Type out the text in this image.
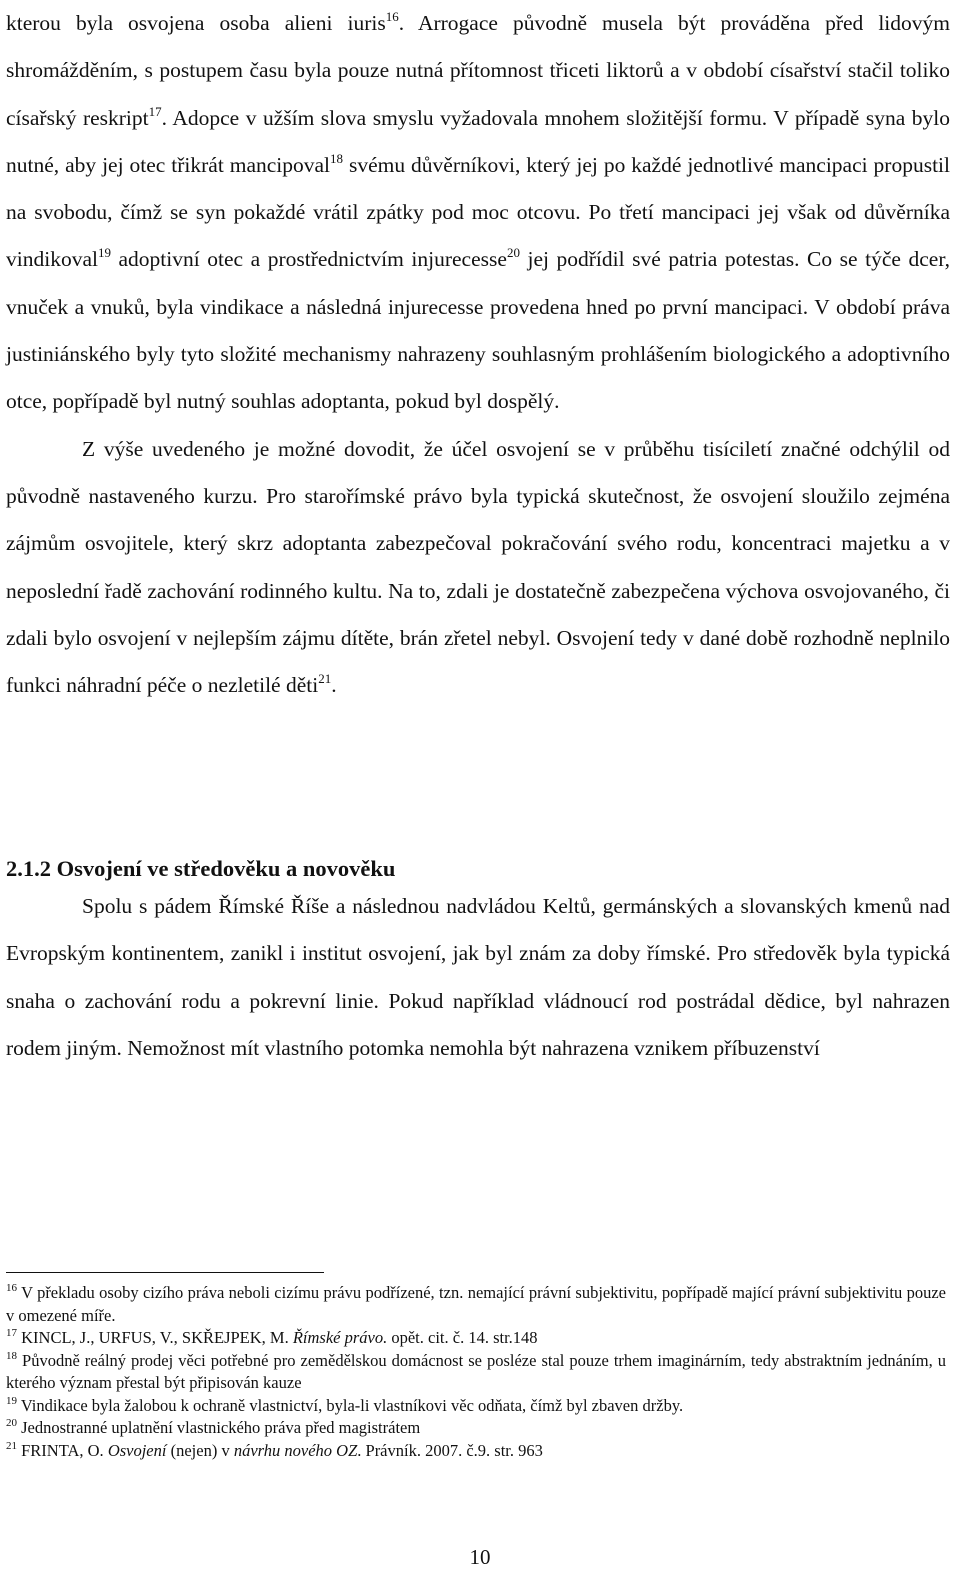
kterou byla osvojena osoba alieni iuris$^{16}$. Arrogace původně musela být prováděna před lidovým shromážděním, s postupem času byla pouze nutná přítomnost třiceti liktorů a v období císařství stačil toliko císařský reskript$^{17}$. Adopce v užším slova smyslu vyžadovala mnohem složitější formu. V případě syna bylo nutné, aby jej otec třikrát mancipoval$^{18}$ svému důvěrníkovi, který jej po každé jednotlivé mancipaci propustil na svobodu, čímž se syn pokaždé vrátil zpátky pod moc otcovu. Po třetí mancipaci jej však od důvěrníka vindikoval$^{19}$ adoptivní otec a prostřednictvím injurecesse$^{20}$ jej podřídil své patria potestas. Co se týče dcer, vnuček a vnuků, byla vindikace a následná injurecesse provedena hned po první mancipaci. V období práva justiniánského byly tyto složité mechanismy nahrazeny souhlasným prohlášením biologického a adoptivního otce, popřípadě byl nutný souhlas adoptanta, pokud byl dospělý.

Z výše uvedeného je možné dovodit, že účel osvojení se v průběhu tisíciletí značné odchýlil od původně nastaveného kurzu. Pro starořímské právo byla typická skutečnost, že osvojení sloužilo zejména zájmům osvojitele, který skrz adoptanta zabezpečoval pokračování svého rodu, koncentraci majetku a v neposlední řadě zachování rodinného kultu. Na to, zdali je dostatečně zabezpečena výchova osvojovaného, či zdali bylo osvojení v nejlepším zájmu dítěte, brán zřetel nebyl. Osvojení tedy v dané době rozhodně neplnilo funkci náhradní péče o nezletilé děti$^{21}$.

2.1.2 Osvojení ve středověku a novověku

Spolu s pádem Římské Říše a následnou nadvládou Keltů, germánských a slovanských kmenů nad Evropským kontinentem, zanikl i institut osvojení, jak byl znám za doby římské. Pro středověk byla typická snaha o zachování rodu a pokrevní linie. Pokud například vládnoucí rod postrádal dědice, byl nahrazen rodem jiným. Nemožnost mít vlastního potomka nemohla být nahrazena vznikem příbuzenství

$^{16}$ V překladu osoby cizího práva neboli cizímu právu podřízené, tzn. nemající právní subjektivitu, popřípadě mající právní subjektivitu pouze v omezené míře.

$^{17}$ KINCL, J., URFUS, V., SKŘEJPEK, M. Římské právo. opět. cit. č. 14. str.148

$^{18}$ Původně reálný prodej věci potřebné pro zemědělskou domácnost se posléze stal pouze trhem imaginárním, tedy abstraktním jednáním, u kterého význam přestal být připisován kauze

$^{19}$ Vindikace byla žalobou k ochraně vlastnictví, byla-li vlastníkovi věc odňata, čímž byl zbaven držby.

$^{20}$ Jednostranné uplatnění vlastnického práva před magistrátem

$^{21}$ FRINTA, O. Osvojení (nejen) v návrhu nového OZ. Právník. 2007. č.9. str. 963

10
